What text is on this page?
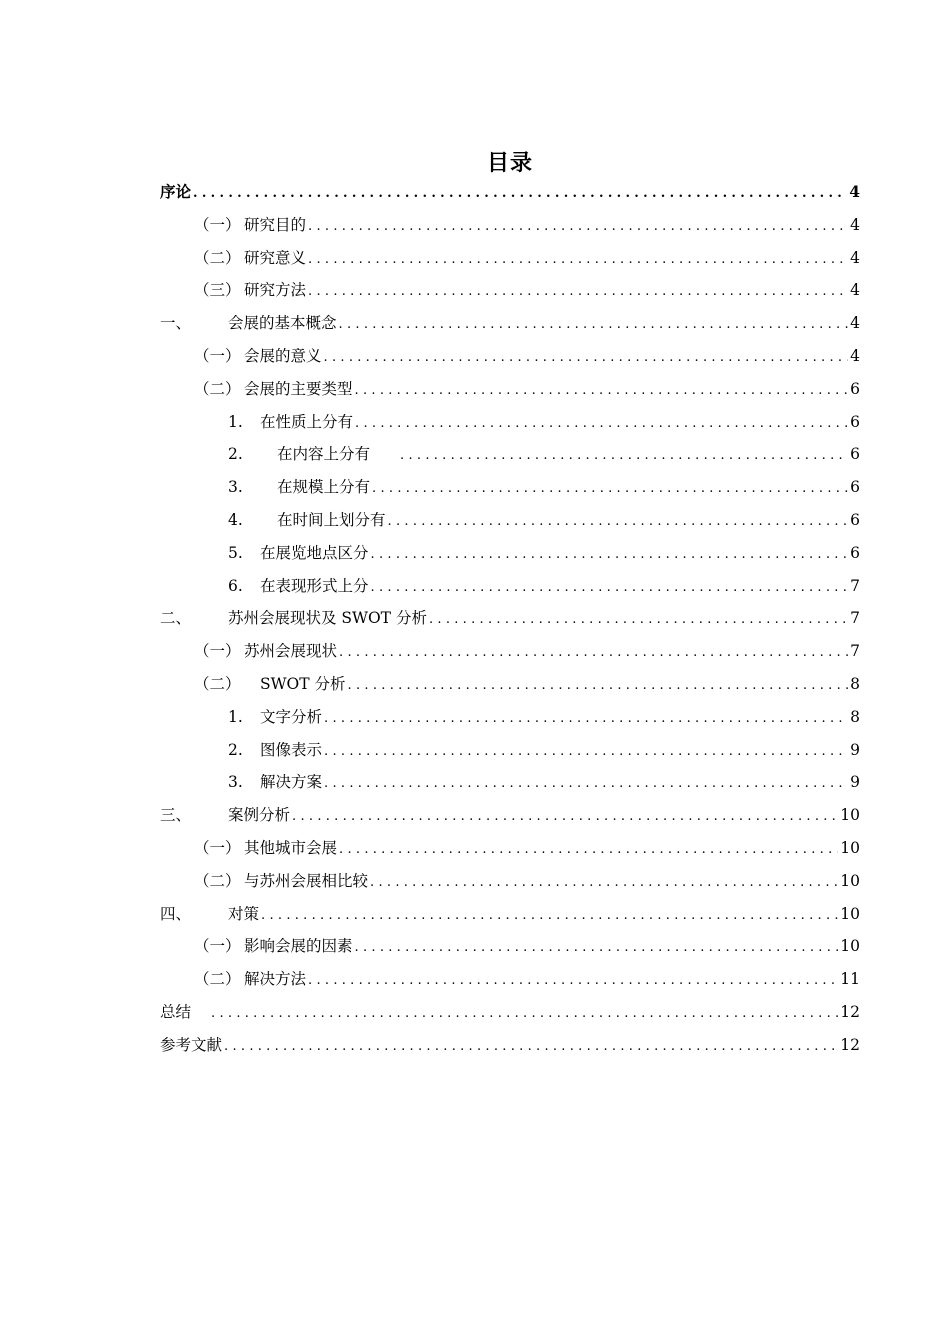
目录
序论 .....	4
（一） 研究目的 .....	4
（二） 研究意义 .....	4
（三） 研究方法 .....	4
一、	会展的基本概念 .....	4
（一） 会展的意义 .....	4
（二） 会展的主要类型 .....	6
1.	在性质上分有 .....	6
2.	在内容上分有 .....	6
3.	在规模上分有 .....	6
4.	在时间上划分有 .....	6
5.	在展览地点区分 .....	6
6.	在表现形式上分 .....	7
二、	苏州会展现状及 SWOT 分析 .....	7
（一） 苏州会展现状 .....	7
（二）	SWOT 分析 .....	8
1.	文字分析 .....	8
2.	图像表示 .....	9
3.	解决方案 .....	9
三、	案例分析 .....	10
（一） 其他城市会展 .....	10
（二） 与苏州会展相比较 .....	10
四、	对策 .....	10
（一） 影响会展的因素 .....	10
（二） 解决方法 .....	11
总结 .....	12
参考文献 .....	12
